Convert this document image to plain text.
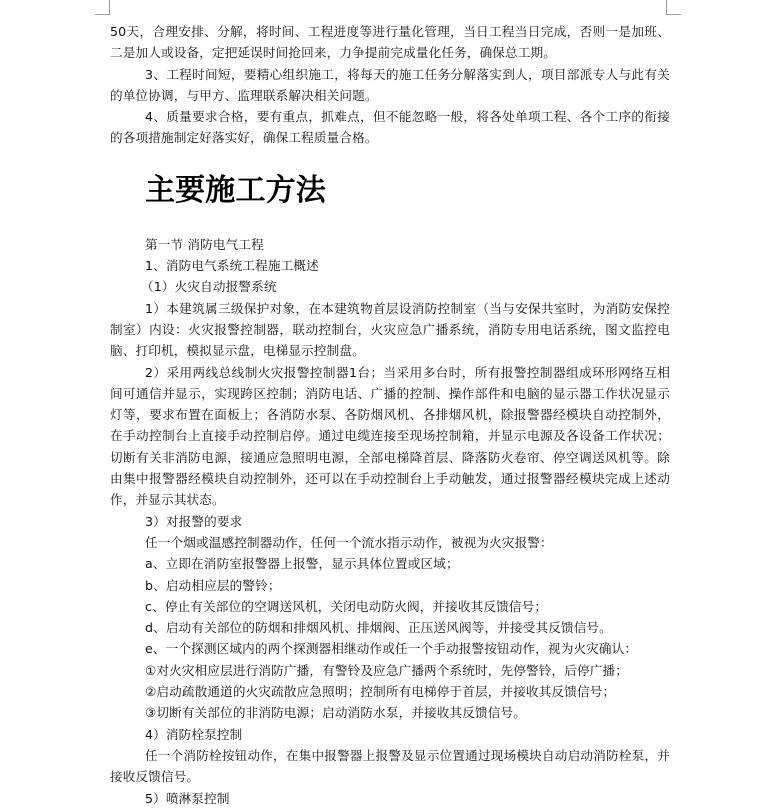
50天，合理安排、分解，将时间、工程进度等进行量化管理，当日工程当日完成，否则一是加班、二是加人或设备，定把延误时间抢回来，力争提前完成量化任务，确保总工期。

3、工程时间短，要精心组织施工，将每天的施工任务分解落实到人，项目部派专人与此有关的单位协调，与甲方、监理联系解决相关问题。

4、质量要求合格，要有重点，抓难点，但不能忽略一般，将各处单项工程、各个工序的衔接的各项措施制定好落实好，确保工程质量合格。

主要施工方法

第一节 消防电气工程

1、消防电气系统工程施工概述

（1）火灾自动报警系统

1）本建筑属三级保护对象，在本建筑物首层设消防控制室（当与安保共室时，为消防安保控制室）内设：火灾报警控制器，联动控制台，火灾应急广播系统，消防专用电话系统，图文监控电脑、打印机，模拟显示盘，电梯显示控制盘。

2）采用两线总线制火灾报警控制器1台；当采用多台时，所有报警控制器组成环形网络互相间可通信并显示，实现跨区控制；消防电话、广播的控制、操作部件和电脑的显示器工作状况显示灯等，要求布置在面板上；各消防水泵、各防烟风机、各排烟风机，除报警器经模块自动控制外，在手动控制台上直接手动控制启停。通过电缆连接至现场控制箱，并显示电源及各设备工作状况；切断有关非消防电源，接通应急照明电源，全部电梯降首层、降落防火卷帘、停空调送风机等。除由集中报警器经模块自动控制外，还可以在手动控制台上手动触发，通过报警器经模块完成上述动作，并显示其状态。

3）对报警的要求

任一个烟或温感控制器动作，任何一个流水指示动作，被视为火灾报警：

a、立即在消防室报警器上报警，显示具体位置或区域；

b、启动相应层的警铃；

c、停止有关部位的空调送风机，关闭电动防火阀，并接收其反馈信号；

d、启动有关部位的防烟和排烟风机、排烟阀、正压送风阀等，并接受其反馈信号。

e、一个探测区域内的两个探测器相继动作或任一个手动报警按钮动作，视为火灾确认：

①对火灾相应层进行消防广播，有警铃及应急广播两个系统时，先停警铃，后停广播；

②启动疏散通道的火灾疏散应急照明；控制所有电梯停于首层，并接收其反馈信号；

③切断有关部位的非消防电源；启动消防水泵，并接收其反馈信号。

4）消防栓泵控制

任一个消防栓按钮动作，在集中报警器上报警及显示位置通过现场模块自动启动消防栓泵，并接收反馈信号。

5）喷淋泵控制
